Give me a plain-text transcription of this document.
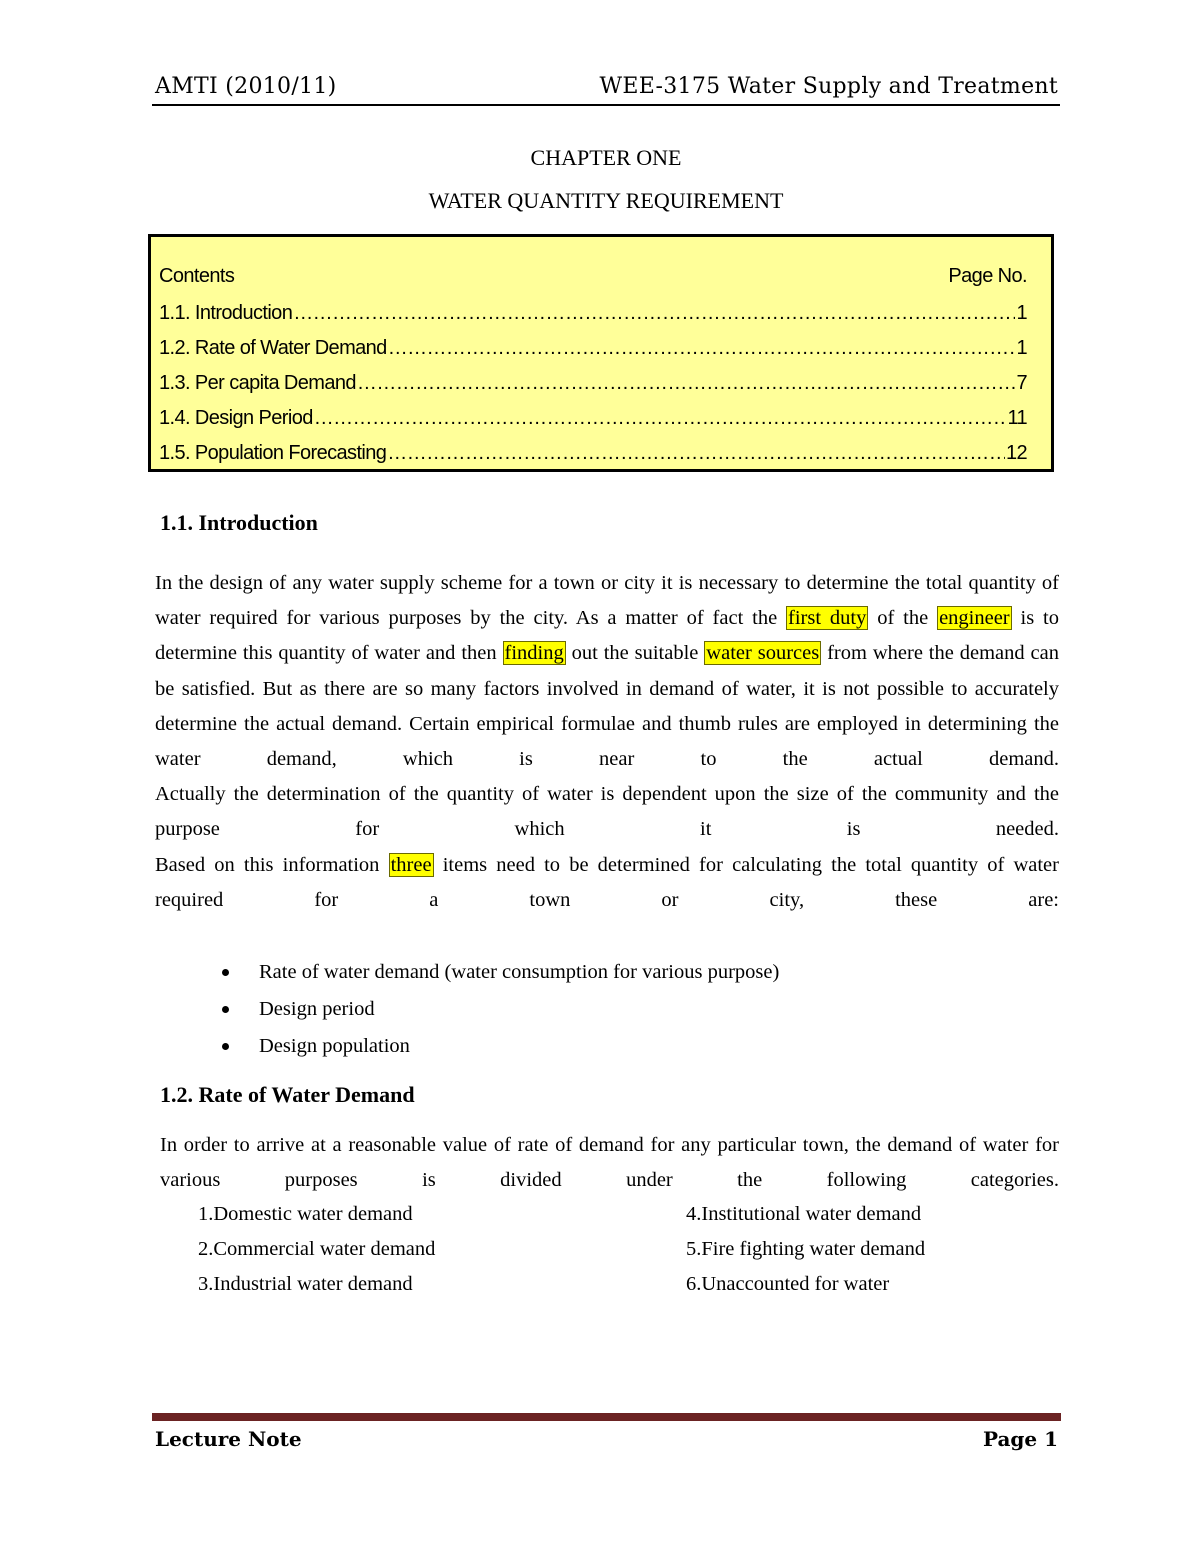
AMTI (2010/11)	WEE-3175 Water Supply and Treatment
CHAPTER ONE
WATER QUANTITY REQUIREMENT
Contents	Page No.
1.1. Introduction ……………………………………………………………………………………………………………………………………………………………………………………………………………………	1
1.2. Rate of Water Demand ……………………………………………………………………………………………………………………………………………………………………………………………………………………	1
1.3. Per capita Demand ……………………………………………………………………………………………………………………………………………………………………………………………………………………	7
1.4. Design Period ……………………………………………………………………………………………………………………………………………………………………………………………………………………	11
1.5. Population Forecasting ……………………………………………………………………………………………………………………………………………………………………………………………………………………	12
1.1. Introduction

In the design of any water supply scheme for a town or city it is necessary to determine the total quantity of water required for various purposes by the city. As a matter of fact the first duty of the engineer is to determine this quantity of water and then finding out the suitable water sources from where the demand can be satisfied. But as there are so many factors involved in demand of water, it is not possible to accurately determine the actual demand. Certain empirical formulae and thumb rules are employed in determining the water demand, which is near to the actual demand.

Actually the determination of the quantity of water is dependent upon the size of the community and the purpose for which it is needed.

Based on this information three items need to be determined for calculating the total quantity of water required for a town or city, these are:

Rate of water demand (water consumption for various purpose)
Design period
Design population
1.2. Rate of Water Demand

In order to arrive at a reasonable value of rate of demand for any particular town, the demand of water for various purposes is divided under the following categories.

1.Domestic water demand
2.Commercial water demand
3.Industrial water demand
4.Institutional water demand
5.Fire fighting water demand
6.Unaccounted for water
Lecture Note	Page 1
